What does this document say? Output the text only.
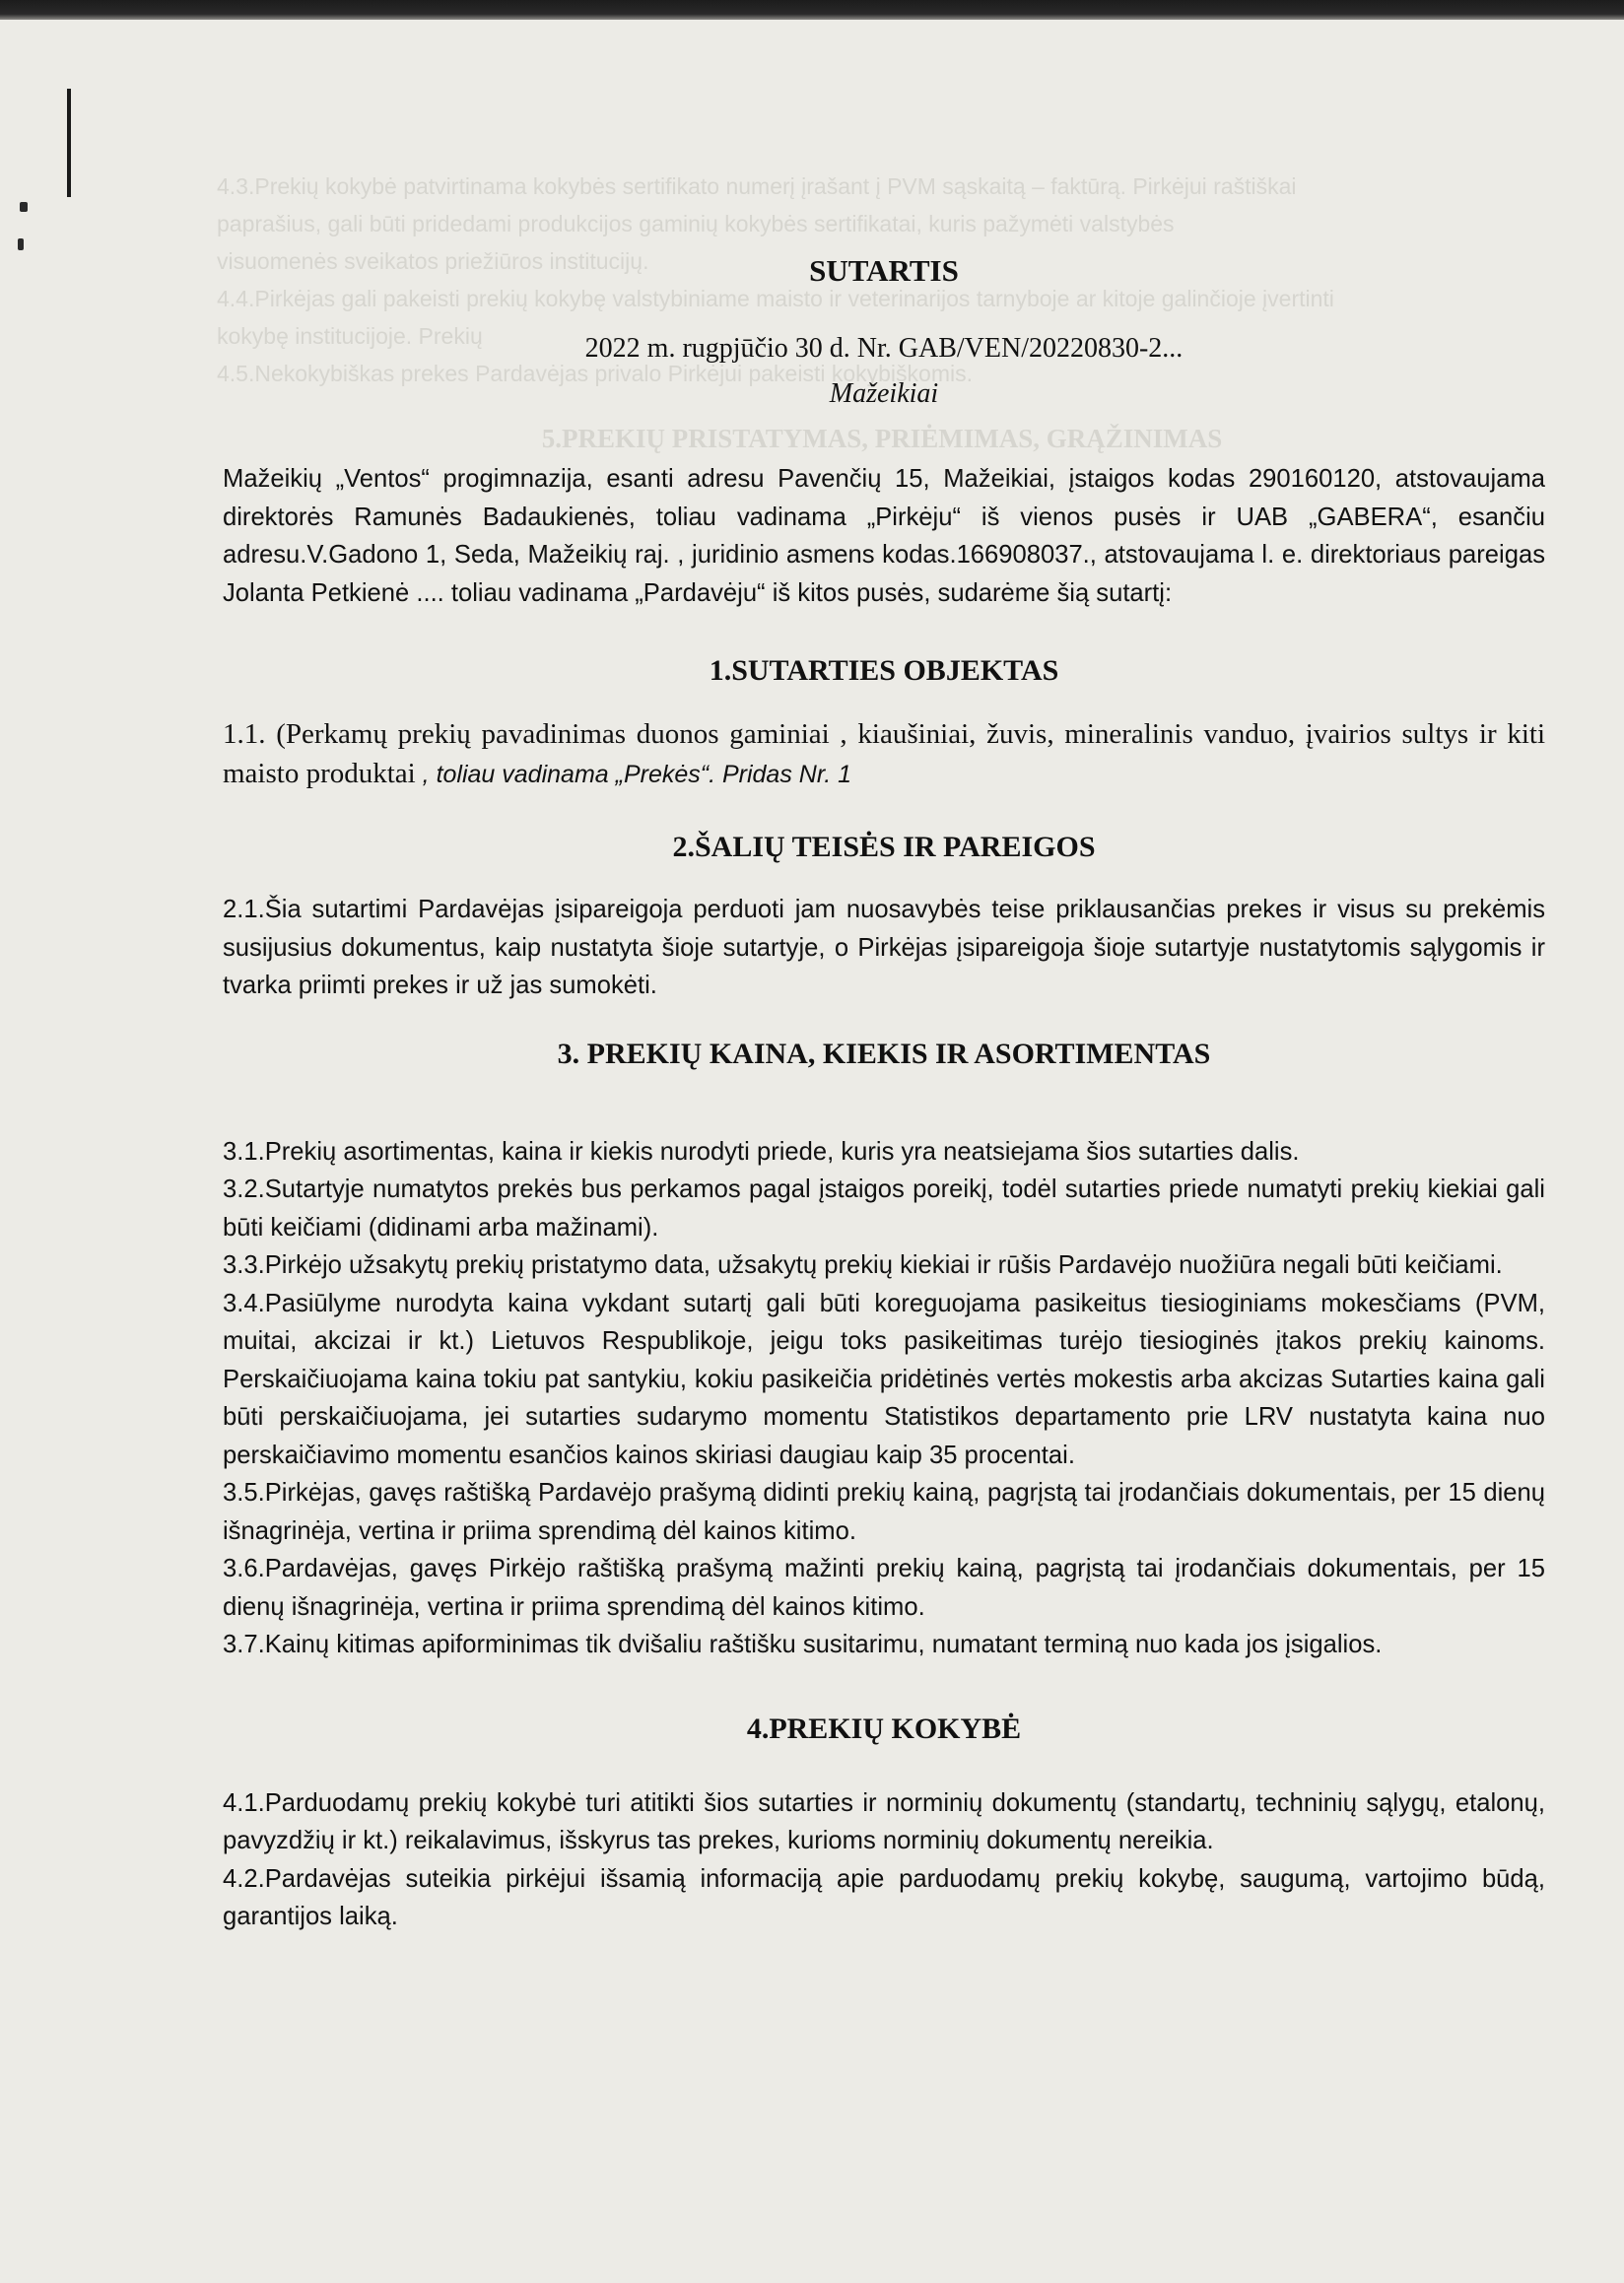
4.3.Prekių kokybė patvirtinama kokybės sertifikato numerį įrašant į PVM sąskaitą – faktūrą. Pirkėjui raštiškai
paprašius, gali būti pridedami produkcijos gaminių kokybės sertifikatai, kuris pažymėti valstybės
visuomenės sveikatos priežiūros institucijų.
4.4.Pirkėjas gali pakeisti prekių kokybę valstybiniame maisto ir veterinarijos tarnyboje ar kitoje galinčioje įvertinti
kokybę institucijoje. Prekių
4.5.Nekokybiškas prekes Pardavėjas privalo Pirkėjui pakeisti kokybiškomis.
5.PREKIŲ PRISTATYMAS, PRIĖMIMAS, GRĄŽINIMAS
SUTARTIS
2022 m. rugpjūčio 30 d. Nr. GAB/VEN/20220830-2...
Mažeikiai

Mažeikių „Ventos“ progimnazija, esanti adresu Pavenčių 15, Mažeikiai, įstaigos kodas 290160120, atstovaujama direktorės Ramunės Badaukienės, toliau vadinama „Pirkėju“ iš vienos pusės ir UAB „GABERA“, esančiu adresu.V.Gadono 1, Seda, Mažeikių raj. , juridinio asmens kodas.166908037., atstovaujama l. e. direktoriaus pareigas Jolanta Petkienė .... toliau vadinama „Pardavėju“ iš kitos pusės, sudarėme šią sutartį:

1.SUTARTIES OBJEKTAS

1.1. (Perkamų prekių pavadinimas duonos gaminiai , kiaušiniai, žuvis, mineralinis vanduo, įvairios sultys ir kiti maisto produktai , toliau vadinama „Prekės“. Pridas Nr. 1

2.ŠALIŲ TEISĖS IR PAREIGOS

2.1.Šia sutartimi Pardavėjas įsipareigoja perduoti jam nuosavybės teise priklausančias prekes ir visus su prekėmis susijusius dokumentus, kaip nustatyta šioje sutartyje, o Pirkėjas įsipareigoja šioje sutartyje nustatytomis sąlygomis ir tvarka priimti prekes ir už jas sumokėti.

3. PREKIŲ KAINA, KIEKIS IR ASORTIMENTAS

3.1.Prekių asortimentas, kaina ir kiekis nurodyti priede, kuris yra neatsiejama šios sutarties dalis.

3.2.Sutartyje numatytos prekės bus perkamos pagal įstaigos poreikį, todėl sutarties priede numatyti prekių kiekiai gali būti keičiami (didinami arba mažinami).

3.3.Pirkėjo užsakytų prekių pristatymo data, užsakytų prekių kiekiai ir rūšis Pardavėjo nuožiūra negali būti keičiami.

3.4.Pasiūlyme nurodyta kaina vykdant sutartį gali būti koreguojama pasikeitus tiesioginiams mokesčiams (PVM, muitai, akcizai ir kt.) Lietuvos Respublikoje, jeigu toks pasikeitimas turėjo tiesioginės įtakos prekių kainoms. Perskaičiuojama kaina tokiu pat santykiu, kokiu pasikeičia pridėtinės vertės mokestis arba akcizas Sutarties kaina gali būti perskaičiuojama, jei sutarties sudarymo momentu Statistikos departamento prie LRV nustatyta kaina nuo perskaičiavimo momentu esančios kainos skiriasi daugiau kaip 35 procentai.

3.5.Pirkėjas, gavęs raštišką Pardavėjo prašymą didinti prekių kainą, pagrįstą tai įrodančiais dokumentais, per 15 dienų išnagrinėja, vertina ir priima sprendimą dėl kainos kitimo.

3.6.Pardavėjas, gavęs Pirkėjo raštišką prašymą mažinti prekių kainą, pagrįstą tai įrodančiais dokumentais, per 15 dienų išnagrinėja, vertina ir priima sprendimą dėl kainos kitimo.

3.7.Kainų kitimas apiforminimas tik dvišaliu raštišku susitarimu, numatant terminą nuo kada jos įsigalios.

4.PREKIŲ KOKYBĖ

4.1.Parduodamų prekių kokybė turi atitikti šios sutarties ir norminių dokumentų (standartų, techninių sąlygų, etalonų, pavyzdžių ir kt.) reikalavimus, išskyrus tas prekes, kurioms norminių dokumentų nereikia.

4.2.Pardavėjas suteikia pirkėjui išsamią informaciją apie parduodamų prekių kokybę, saugumą, vartojimo būdą, garantijos laiką.
